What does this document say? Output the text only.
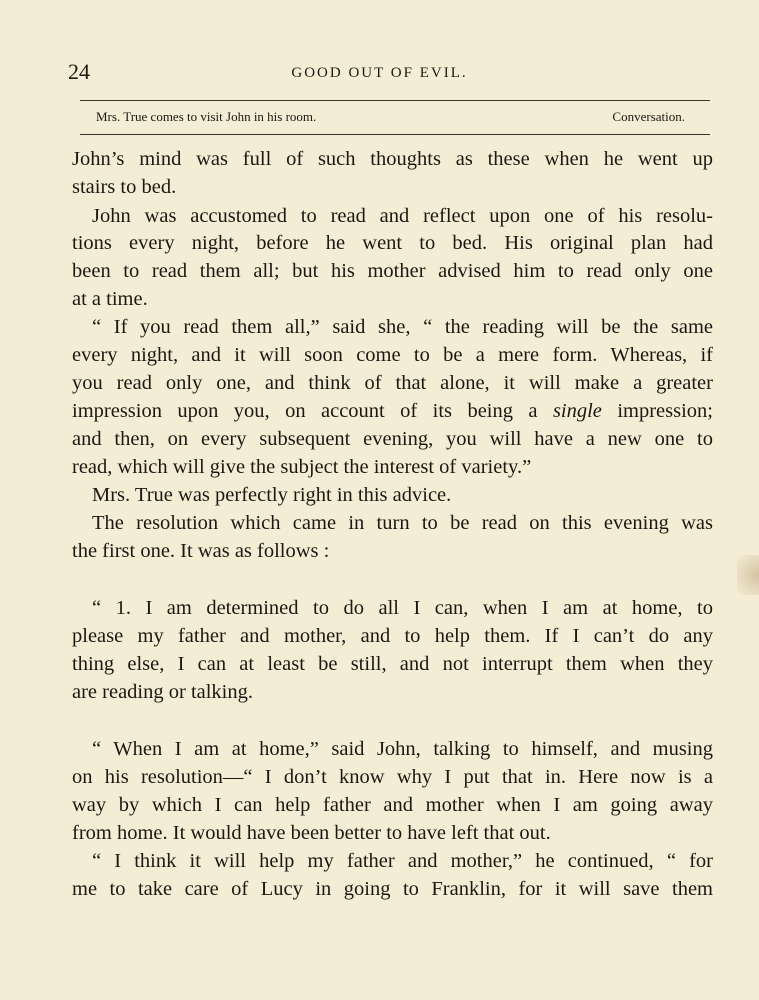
24	GOOD OUT OF EVIL.
Mrs. True comes to visit John in his room.	Conversation.
John’s mind was full of such thoughts as these when he went up
stairs to bed.
John was accustomed to read and reflect upon one of his resolu-
tions every night, before he went to bed. His original plan had
been to read them all; but his mother advised him to read only one
at a time.
“ If you read them all,” said she, “ the reading will be the same
every night, and it will soon come to be a mere form. Whereas, if
you read only one, and think of that alone, it will make a greater
impression upon you, on account of its being a single impression;
and then, on every subsequent evening, you will have a new one to
read, which will give the subject the interest of variety.”
Mrs. True was perfectly right in this advice.
The resolution which came in turn to be read on this evening was
the first one. It was as follows :
“ 1. I am determined to do all I can, when I am at home, to
please my father and mother, and to help them. If I can’t do any
thing else, I can at least be still, and not interrupt them when they
are reading or talking.
“ When I am at home,” said John, talking to himself, and musing
on his resolution—“ I don’t know why I put that in. Here now is a
way by which I can help father and mother when I am going away
from home. It would have been better to have left that out.
“ I think it will help my father and mother,” he continued, “ for
me to take care of Lucy in going to Franklin, for it will save them
